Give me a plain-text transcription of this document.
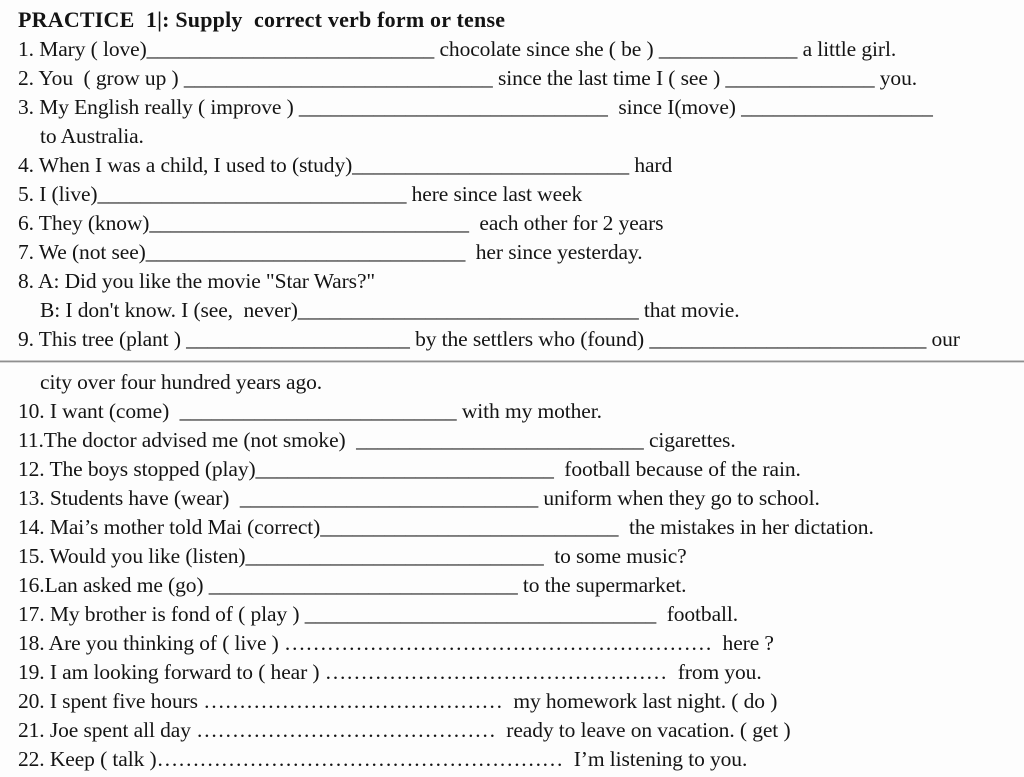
PRACTICE  1|: Supply  correct verb form or tense
1. Mary ( love)___________________________ chocolate since she ( be ) _____________ a little girl.
2. You  ( grow up ) _____________________________ since the last time I ( see ) ______________ you.
3. My English really ( improve ) _____________________________  since I(move) __________________
to Australia.
4. When I was a child, I used to (study)__________________________ hard
5. I (live)_____________________________ here since last week
6. They (know)______________________________  each other for 2 years
7. We (not see)______________________________  her since yesterday.
8. A: Did you like the movie "Star Wars?"
B: I don't know. I (see,  never)________________________________ that movie.
9. This tree (plant ) _____________________ by the settlers who (found) __________________________ our
city over four hundred years ago.
10. I want (come)  __________________________ with my mother.
11.The doctor advised me (not smoke)  ___________________________ cigarettes.
12. The boys stopped (play)____________________________  football because of the rain.
13. Students have (wear)  ____________________________ uniform when they go to school.
14. Mai’s mother told Mai (correct)____________________________  the mistakes in her dictation.
15. Would you like (listen)____________________________  to some music?
16.Lan asked me (go) _____________________________ to the supermarket.
17. My brother is fond of ( play ) _________________________________  football.
18. Are you thinking of ( live ) ……………………………………………………  here ?
19. I am looking forward to ( hear ) …………………………………………  from you.
20. I spent five hours ……………………………………  my homework last night. ( do )
21. Joe spent all day ……………………………………  ready to leave on vacation. ( get )
22. Keep ( talk )…………………………………………………  I’m listening to you.
